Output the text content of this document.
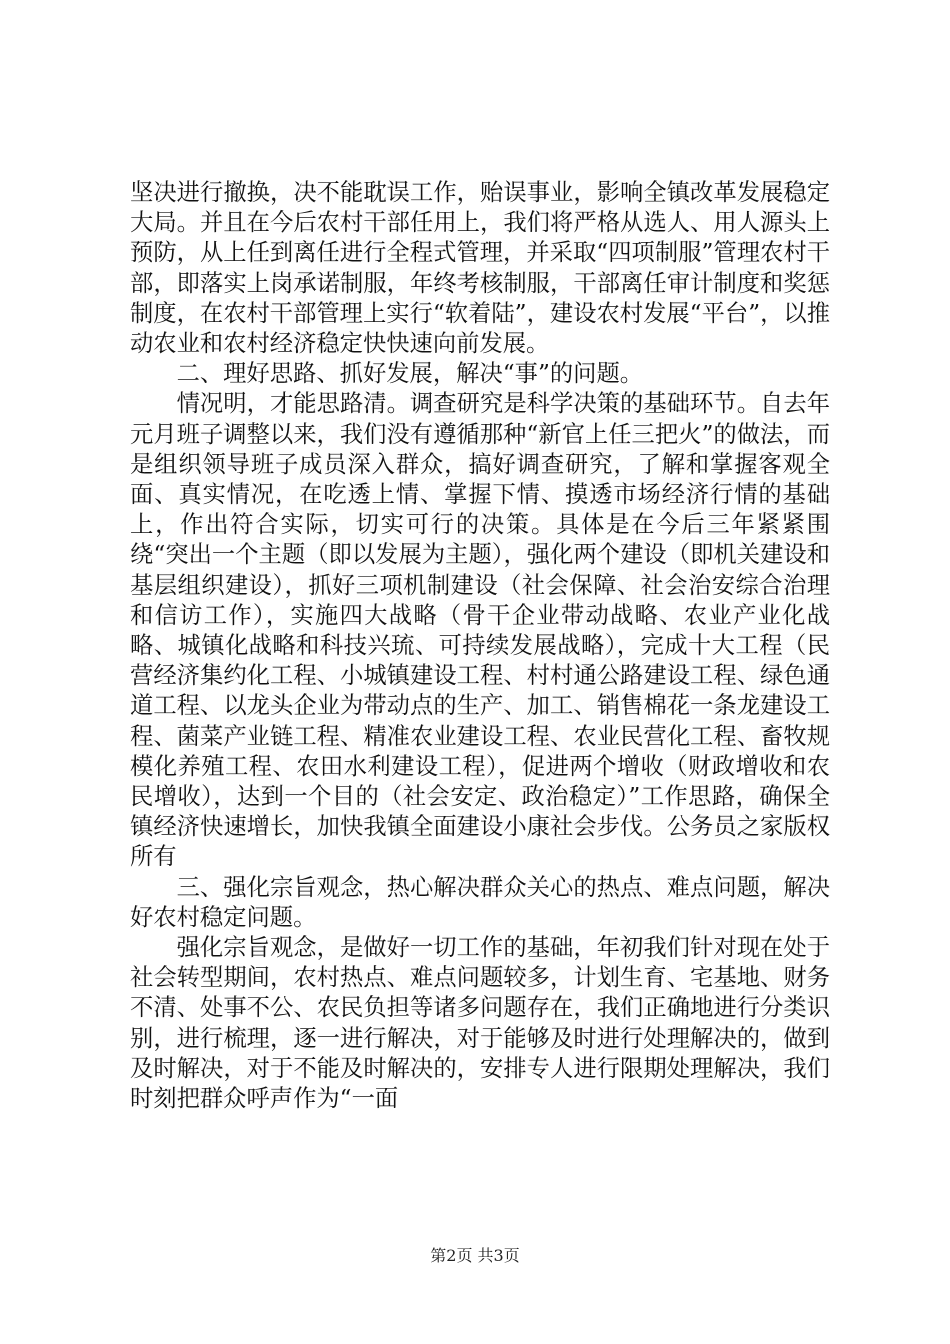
坚决进行撤换，决不能耽误工作，贻误事业，影响全镇改革发展稳定大局。并且在今后农村干部任用上，我们将严格从选人、用人源头上预防，从上任到离任进行全程式管理，并采取“四项制服”管理农村干部，即落实上岗承诺制服，年终考核制服，干部离任审计制度和奖惩制度，在农村干部管理上实行“软着陆”，建设农村发展“平台”，以推动农业和农村经济稳定快快速向前发展。

二、理好思路、抓好发展，解决“事”的问题。

情况明，才能思路清。调查研究是科学决策的基础环节。自去年元月班子调整以来，我们没有遵循那种“新官上任三把火”的做法，而是组织领导班子成员深入群众，搞好调查研究，了解和掌握客观全面、真实情况，在吃透上情、掌握下情、摸透市场经济行情的基础上，作出符合实际，切实可行的决策。具体是在今后三年紧紧围绕“突出一个主题（即以发展为主题），强化两个建设（即机关建设和基层组织建设），抓好三项机制建设（社会保障、社会治安综合治理和信访工作），实施四大战略（骨干企业带动战略、农业产业化战略、城镇化战略和科技兴琉、可持续发展战略），完成十大工程（民营经济集约化工程、小城镇建设工程、村村通公路建设工程、绿色通道工程、以龙头企业为带动点的生产、加工、销售棉花一条龙建设工程、菌菜产业链工程、精准农业建设工程、农业民营化工程、畜牧规模化养殖工程、农田水利建设工程），促进两个增收（财政增收和农民增收），达到一个目的（社会安定、政治稳定）”工作思路，确保全镇经济快速增长，加快我镇全面建设小康社会步伐。公务员之家版权所有

三、强化宗旨观念，热心解决群众关心的热点、难点问题，解决好农村稳定问题。

强化宗旨观念，是做好一切工作的基础，年初我们针对现在处于社会转型期间，农村热点、难点问题较多，计划生育、宅基地、财务不清、处事不公、农民负担等诸多问题存在，我们正确地进行分类识别，进行梳理，逐一进行解决，对于能够及时进行处理解决的，做到及时解决，对于不能及时解决的，安排专人进行限期处理解决，我们时刻把群众呼声作为“一面

第2页 共3页
